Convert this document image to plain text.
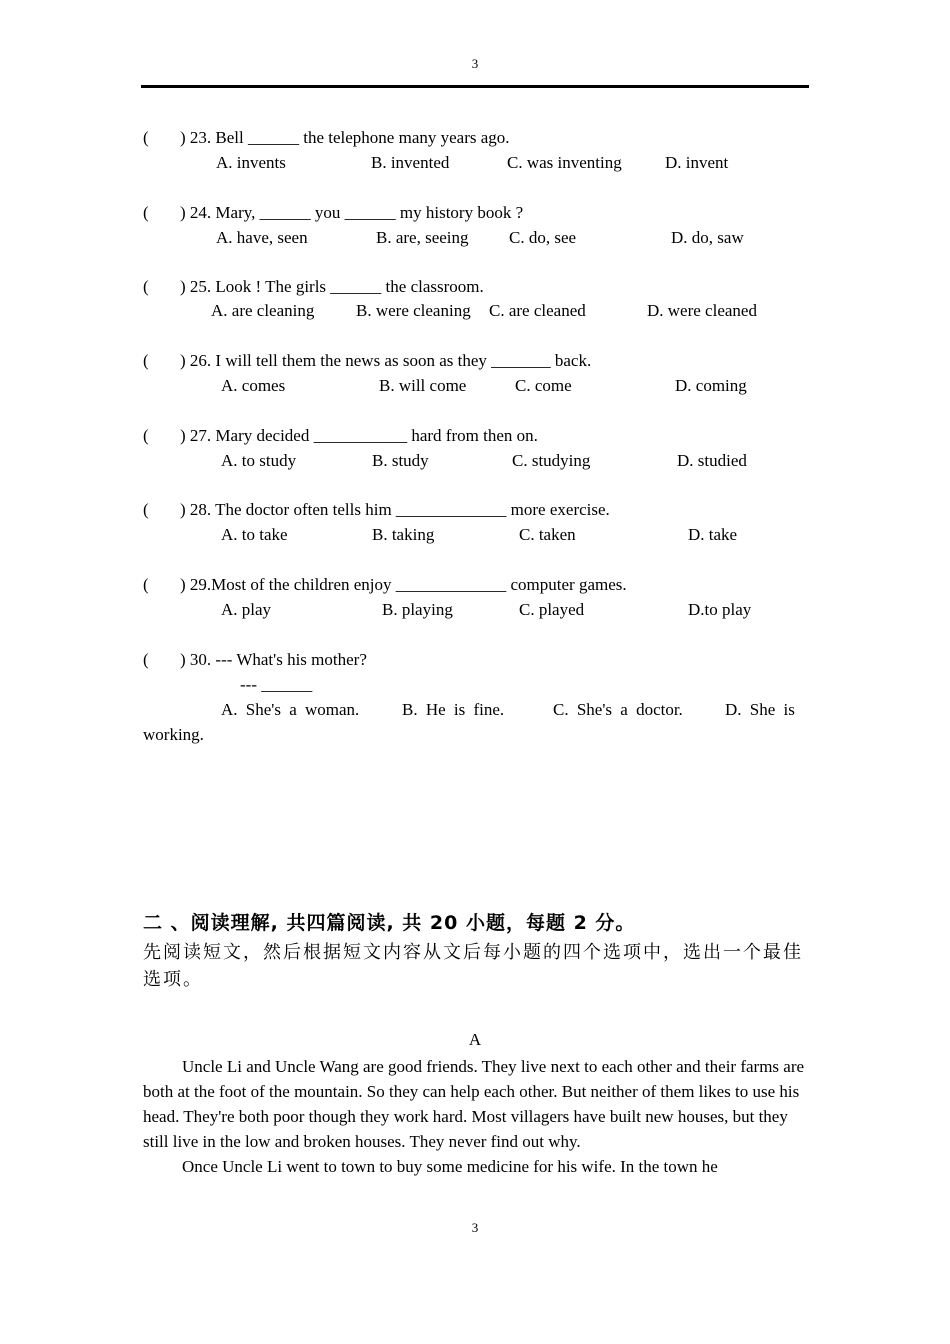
3
( ) 23. Bell ______ the telephone many years ago.
A. invents	B. invented	C. was inventing	D. invent
( ) 24. Mary, ______ you ______ my history book ?
A. have, seen	B. are, seeing C. do, see	D. do, saw
( ) 25. Look ! The girls ______ the classroom.
A. are cleaning B. were cleaning C. are cleaned	D. were cleaned
( ) 26. I will tell them the news as soon as they _______ back.
A. comes	B. will come	C. come	D. coming
( ) 27. Mary decided ___________ hard from then on.
A. to study	B. study	C. studying	D. studied
( ) 28. The doctor often tells him _____________ more exercise.
A. to take	B. taking	C. taken	D. take
( ) 29.Most of the children enjoy _____________ computer games.
A. play	B. playing	C. played	D.to play
( ) 30. --- What's his mother?
--- ______
A. She's a woman.	B. He is fine.	C. She's a doctor. D. She is
working.
二 、阅读理解, 共四篇阅读, 共 20 小题，每题 2 分。
先阅读短文，然后根据短文内容从文后每小题的四个选项中，选出一个最佳选项。
A

Uncle Li and Uncle Wang are good friends. They live next to each other and their farms are both at the foot of the mountain. So they can help each other. But neither of them likes to use his head. They're both poor though they work hard. Most villagers have built new houses, but they still live in the low and broken houses. They never find out why.

Once Uncle Li went to town to buy some medicine for his wife. In the town he

3
